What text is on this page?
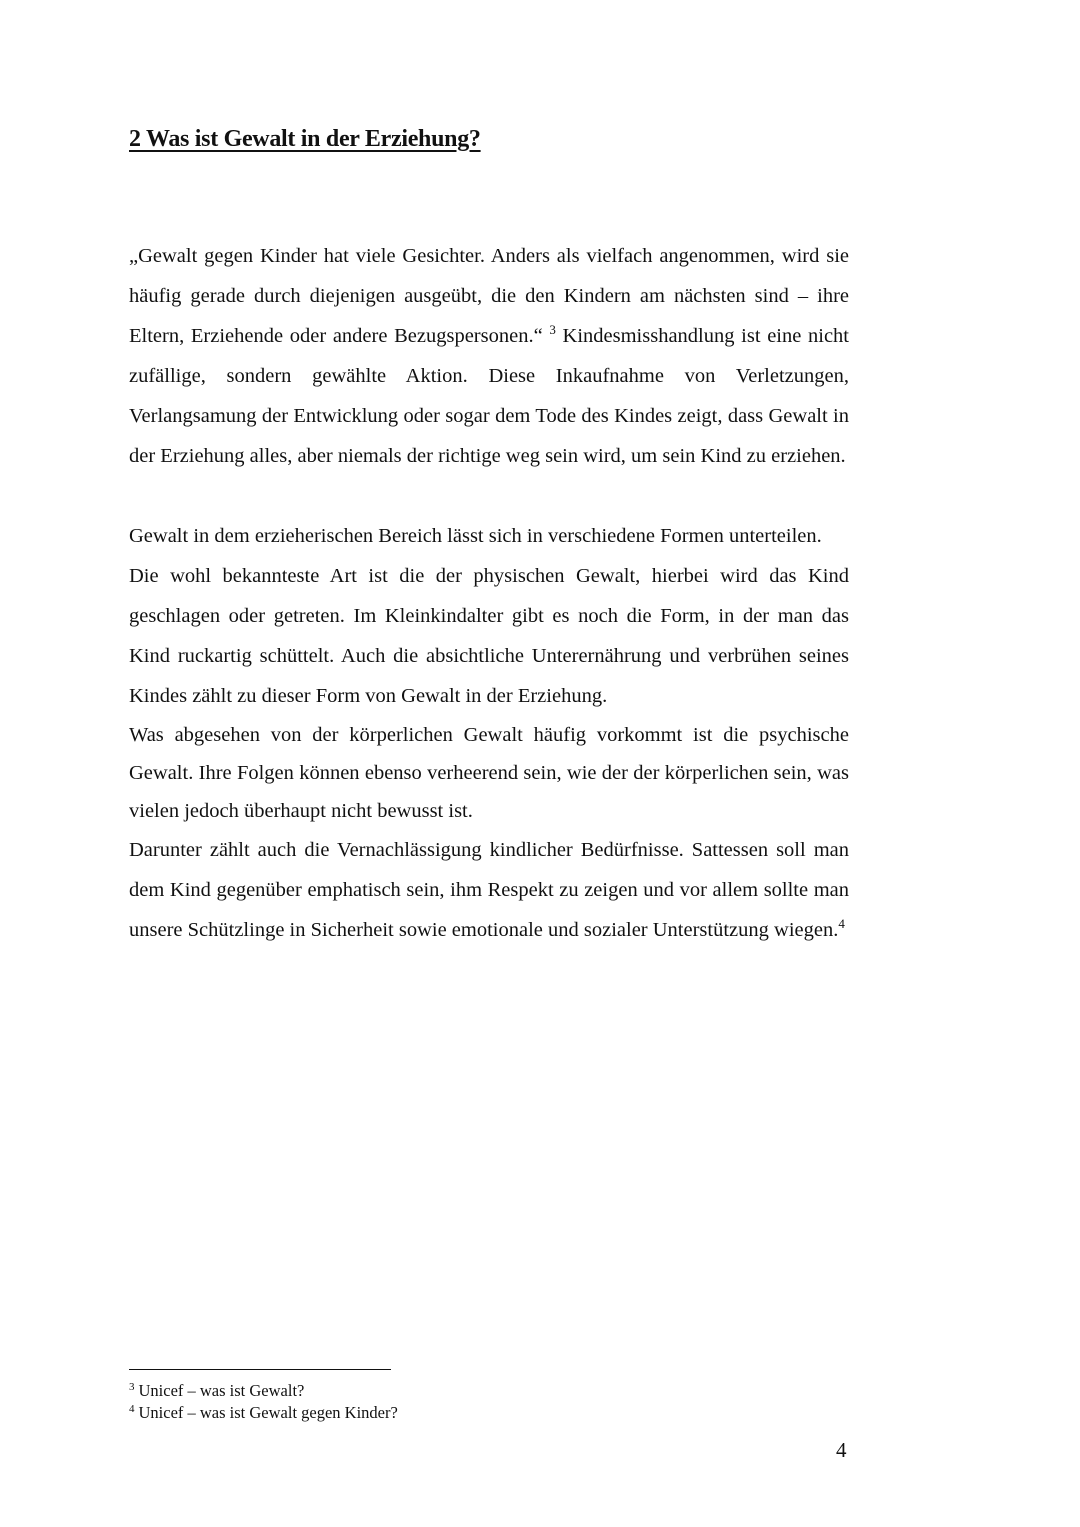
2 Was ist Gewalt in der Erziehung?

„Gewalt gegen Kinder hat viele Gesichter. Anders als vielfach angenommen, wird sie häufig gerade durch diejenigen ausgeübt, die den Kindern am nächsten sind – ihre Eltern, Erziehende oder andere Bezugspersonen.“ $^3$ Kindesmisshandlung ist eine nicht zufällige, sondern gewählte Aktion. Diese Inkaufnahme von Verletzungen, Verlangsamung der Entwicklung oder sogar dem Tode des Kindes zeigt, dass Gewalt in der Erziehung alles, aber niemals der richtige weg sein wird, um sein Kind zu erziehen.

Gewalt in dem erzieherischen Bereich lässt sich in verschiedene Formen unterteilen.

Die wohl bekannteste Art ist die der physischen Gewalt, hierbei wird das Kind geschlagen oder getreten. Im Kleinkindalter gibt es noch die Form, in der man das Kind ruckartig schüttelt. Auch die absichtliche Unterernährung und verbrühen seines Kindes zählt zu dieser Form von Gewalt in der Erziehung.

Was abgesehen von der körperlichen Gewalt häufig vorkommt ist die psychische Gewalt. Ihre Folgen können ebenso verheerend sein, wie der der körperlichen sein, was vielen jedoch überhaupt nicht bewusst ist.

Darunter zählt auch die Vernachlässigung kindlicher Bedürfnisse. Sattessen soll man dem Kind gegenüber emphatisch sein, ihm Respekt zu zeigen und vor allem sollte man unsere Schützlinge in Sicherheit sowie emotionale und sozialer Unterstützung wiegen.$^4$

$^3$ Unicef – was ist Gewalt?
$^4$ Unicef – was ist Gewalt gegen Kinder?
4
